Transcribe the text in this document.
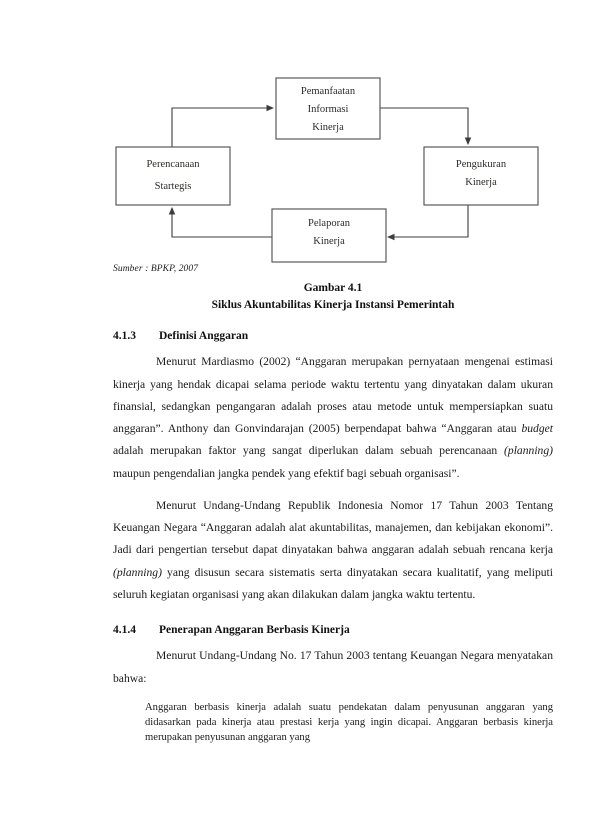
Pemanfaatan
Informasi
Kinerja
Perencanaan
Startegis
Pengukuran
Kinerja
Pelaporan
Kinerja
Sumber : BPKP, 2007
Gambar 4.1
Siklus Akuntabilitas Kinerja Instansi Pemerintah
4.1.3	Definisi Anggaran

Menurut Mardiasmo (2002) “Anggaran merupakan pernyataan mengenai estimasi kinerja yang hendak dicapai selama periode waktu tertentu yang dinyatakan dalam ukuran finansial, sedangkan pengangaran adalah proses atau metode untuk mempersiapkan suatu anggaran”. Anthony dan Gonvindarajan (2005) berpendapat bahwa “Anggaran atau budget adalah merupakan faktor yang sangat diperlukan dalam sebuah perencanaan (planning) maupun pengendalian jangka pendek yang efektif bagi sebuah organisasi”.

Menurut Undang-Undang Republik Indonesia Nomor 17 Tahun 2003 Tentang Keuangan Negara “Anggaran adalah alat akuntabilitas, manajemen, dan kebijakan ekonomi”. Jadi dari pengertian tersebut dapat dinyatakan bahwa anggaran adalah sebuah rencana kerja (planning) yang disusun secara sistematis serta dinyatakan secara kualitatif, yang meliputi seluruh kegiatan organisasi yang akan dilakukan dalam jangka waktu tertentu.

4.1.4	Penerapan Anggaran Berbasis Kinerja

Menurut Undang-Undang No. 17 Tahun 2003 tentang Keuangan Negara menyatakan bahwa:

Anggaran berbasis kinerja adalah suatu pendekatan dalam penyusunan anggaran yang didasarkan pada kinerja atau prestasi kerja yang ingin dicapai. Anggaran berbasis kinerja merupakan penyusunan anggaran yang
